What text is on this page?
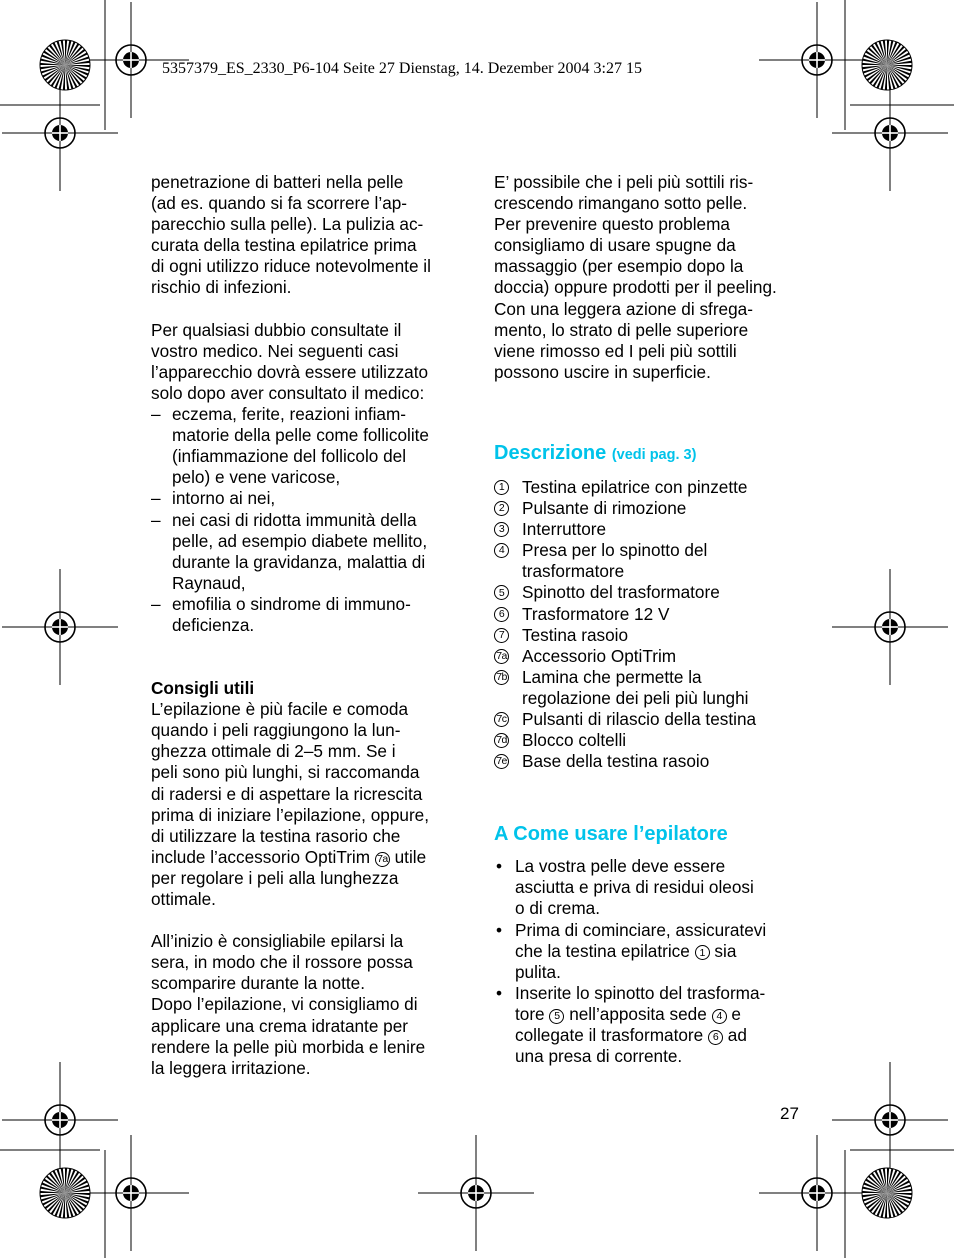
5357379_ES_2330_P6-104 Seite 27 Dienstag, 14. Dezember 2004 3:27 15

penetrazione di batteri nella pelle

(ad es. quando si fa scorrere l’ap-

parecchio sulla pelle). La pulizia ac-

curata della testina epilatrice prima

di ogni utilizzo riduce notevolmente il

rischio di infezioni.

Per qualsiasi dubbio consultate il

vostro medico. Nei seguenti casi

l’apparecchio dovrà essere utilizzato

solo dopo aver consultato il medico:

– eczema, ferite, reazioni infiam-

matorie della pelle come follicolite

(infiammazione del follicolo del

pelo) e vene varicose,

– intorno ai nei,

– nei casi di ridotta immunità della

pelle, ad esempio diabete mellito,

durante la gravidanza, malattia di

Raynaud,

– emofilia o sindrome di immuno-

deficienza.

Consigli utili

L’epilazione è più facile e comoda

quando i peli raggiungono la lun-

ghezza ottimale di 2–5 mm. Se i

peli sono più lunghi, si raccomanda

di radersi e di aspettare la ricrescita

prima di iniziare l’epilazione, oppure,

di utilizzare la testina rasorio che

include l’accessorio OptiTrim 7a utile

per regolare i peli alla lunghezza

ottimale.

All’inizio è consigliabile epilarsi la

sera, in modo che il rossore possa

scomparire durante la notte.

Dopo l’epilazione, vi consigliamo di

applicare una crema idratante per

rendere la pelle più morbida e lenire

la leggera irritazione.

E’ possibile che i peli più sottili ris-

crescendo rimangano sotto pelle.

Per prevenire questo problema

consigliamo di usare spugne da

massaggio (per esempio dopo la

doccia) oppure prodotti per il peeling.

Con una leggera azione di sfrega-

mento, lo strato di pelle superiore

viene rimosso ed I peli più sottili

possono uscire in superficie.

Descrizione (vedi pag. 3)

1 Testina epilatrice con pinzette

2 Pulsante di rimozione

3 Interruttore

4 Presa per lo spinotto del

trasformatore

5 Spinotto del trasformatore

6 Trasformatore 12 V

7 Testina rasoio

7a Accessorio OptiTrim

7b Lamina che permette la

regolazione dei peli più lunghi

7c Pulsanti di rilascio della testina

7d Blocco coltelli

7e Base della testina rasoio

A Come usare l’epilatore

• La vostra pelle deve essere

asciutta e priva di residui oleosi

o di crema.

• Prima di cominciare, assicuratevi

che la testina epilatrice 1 sia

pulita.

• Inserite lo spinotto del trasforma-

tore 5 nell’apposita sede 4 e

collegate il trasformatore 6 ad

una presa di corrente.

27
